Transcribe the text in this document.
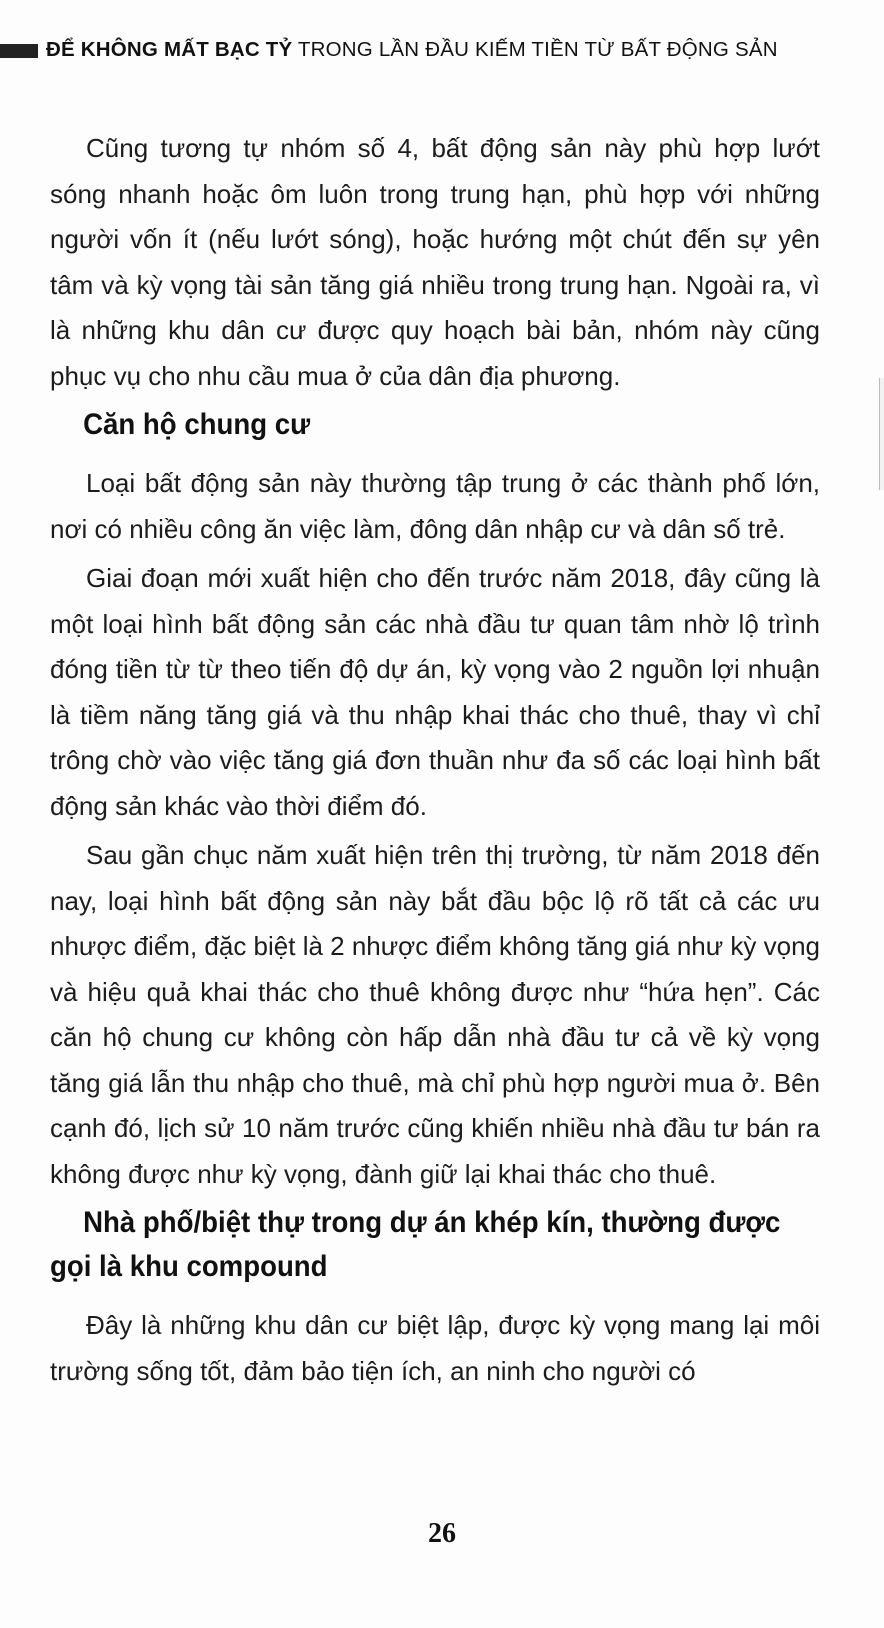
ĐỂ KHÔNG MẤT BẠC TỶ TRONG LẦN ĐẦU KIẾM TIỀN TỪ BẤT ĐỘNG SẢN

Cũng tương tự nhóm số 4, bất động sản này phù hợp lướt sóng nhanh hoặc ôm luôn trong trung hạn, phù hợp với những người vốn ít (nếu lướt sóng), hoặc hướng một chút đến sự yên tâm và kỳ vọng tài sản tăng giá nhiều trong trung hạn. Ngoài ra, vì là những khu dân cư được quy hoạch bài bản, nhóm này cũng phục vụ cho nhu cầu mua ở của dân địa phương.

Căn hộ chung cư

Loại bất động sản này thường tập trung ở các thành phố lớn, nơi có nhiều công ăn việc làm, đông dân nhập cư và dân số trẻ.

Giai đoạn mới xuất hiện cho đến trước năm 2018, đây cũng là một loại hình bất động sản các nhà đầu tư quan tâm nhờ lộ trình đóng tiền từ từ theo tiến độ dự án, kỳ vọng vào 2 nguồn lợi nhuận là tiềm năng tăng giá và thu nhập khai thác cho thuê, thay vì chỉ trông chờ vào việc tăng giá đơn thuần như đa số các loại hình bất động sản khác vào thời điểm đó.

Sau gần chục năm xuất hiện trên thị trường, từ năm 2018 đến nay, loại hình bất động sản này bắt đầu bộc lộ rõ tất cả các ưu nhược điểm, đặc biệt là 2 nhược điểm không tăng giá như kỳ vọng và hiệu quả khai thác cho thuê không được như “hứa hẹn”. Các căn hộ chung cư không còn hấp dẫn nhà đầu tư cả về kỳ vọng tăng giá lẫn thu nhập cho thuê, mà chỉ phù hợp người mua ở. Bên cạnh đó, lịch sử 10 năm trước cũng khiến nhiều nhà đầu tư bán ra không được như kỳ vọng, đành giữ lại khai thác cho thuê.

Nhà phố/biệt thự trong dự án khép kín, thường được gọi là khu compound

Đây là những khu dân cư biệt lập, được kỳ vọng mang lại môi trường sống tốt, đảm bảo tiện ích, an ninh cho người có

26
